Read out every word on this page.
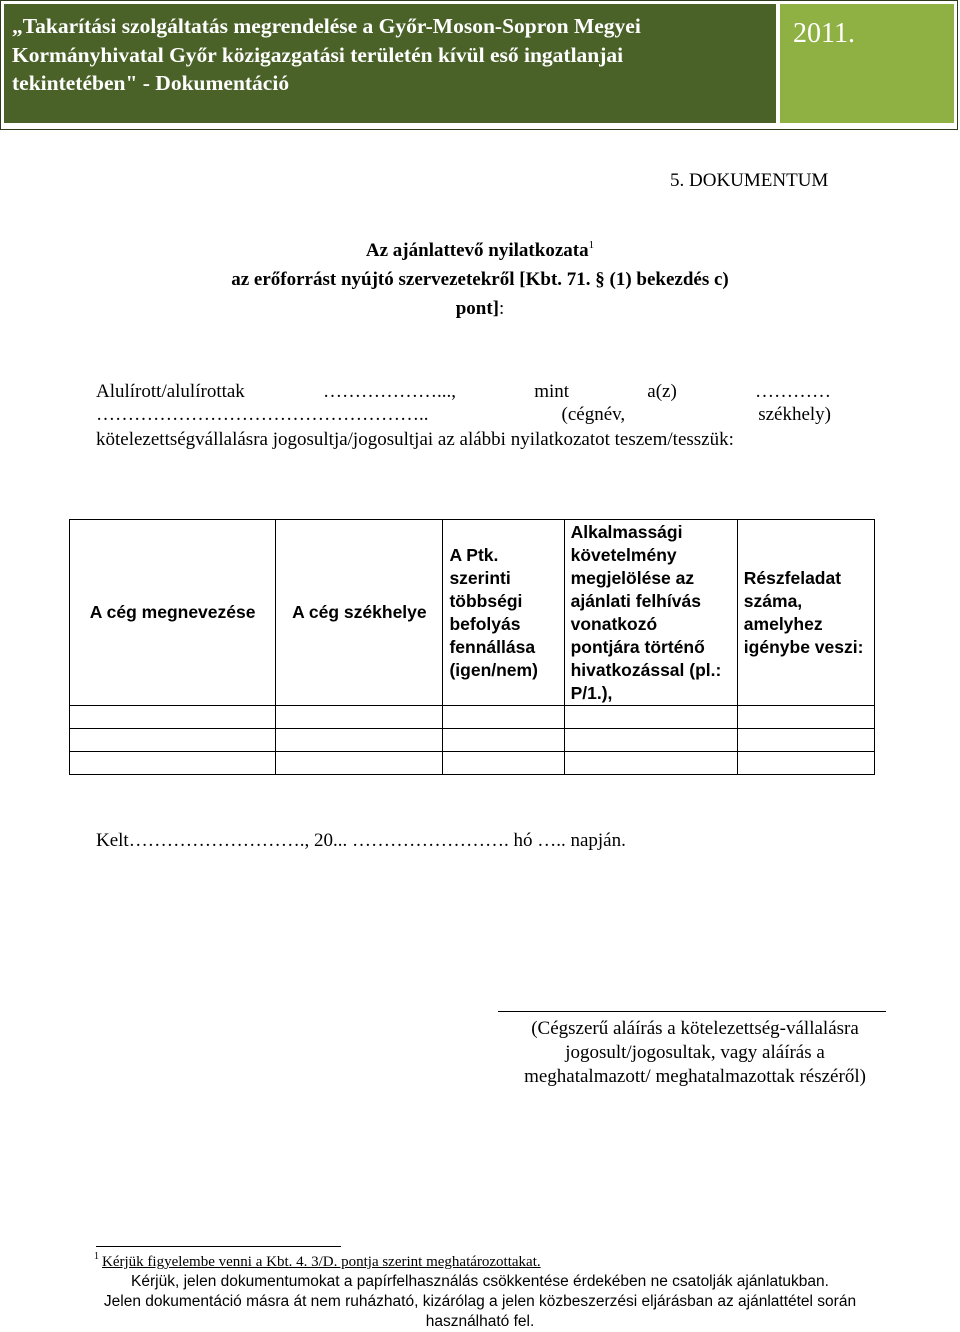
„Takarítási szolgáltatás megrendelése a Győr-Moson-Sopron Megyei
Kormányhivatal Győr közigazgatási területén kívül eső ingatlanjai
tekintetében" - Dokumentáció
2011.
5. DOKUMENTUM
Az ajánlattevő nyilatkozata$^1$
az erőforrást nyújtó szervezetekről [Kbt. 71. § (1) bekezdés c)
pont]:
Alulírott/alulírottak ………………..., mint a(z) …………
…………………………………………….. (cégnév, székhely)
kötelezettségvállalásra jogosultja/jogosultjai az alábbi nyilatkozatot teszem/tesszük:
A cég megnevezése	A cég székhelye	A Ptk. szerinti többségi befolyás fennállása (igen/nem)	Alkalmassági követelmény megjelölése az ajánlati felhívás vonatkozó pontjára történő hivatkozással (pl.: P/1.),	Részfeladat száma, amelyhez igénybe veszi:

Kelt………………………., 20... ……………………. hó ….. napján.
(Cégszerű aláírás a kötelezettség-vállalásra
jogosult/jogosultak, vagy aláírás a
meghatalmazott/ meghatalmazottak részéről)
$^1$ Kérjük figyelembe venni a Kbt. 4. 3/D. pontja szerint meghatározottakat.
Kérjük, jelen dokumentumokat a papírfelhasználás csökkentése érdekében ne csatolják ajánlatukban.
Jelen dokumentáció másra át nem ruházható, kizárólag a jelen közbeszerzési eljárásban az ajánlattétel során
használható fel.
